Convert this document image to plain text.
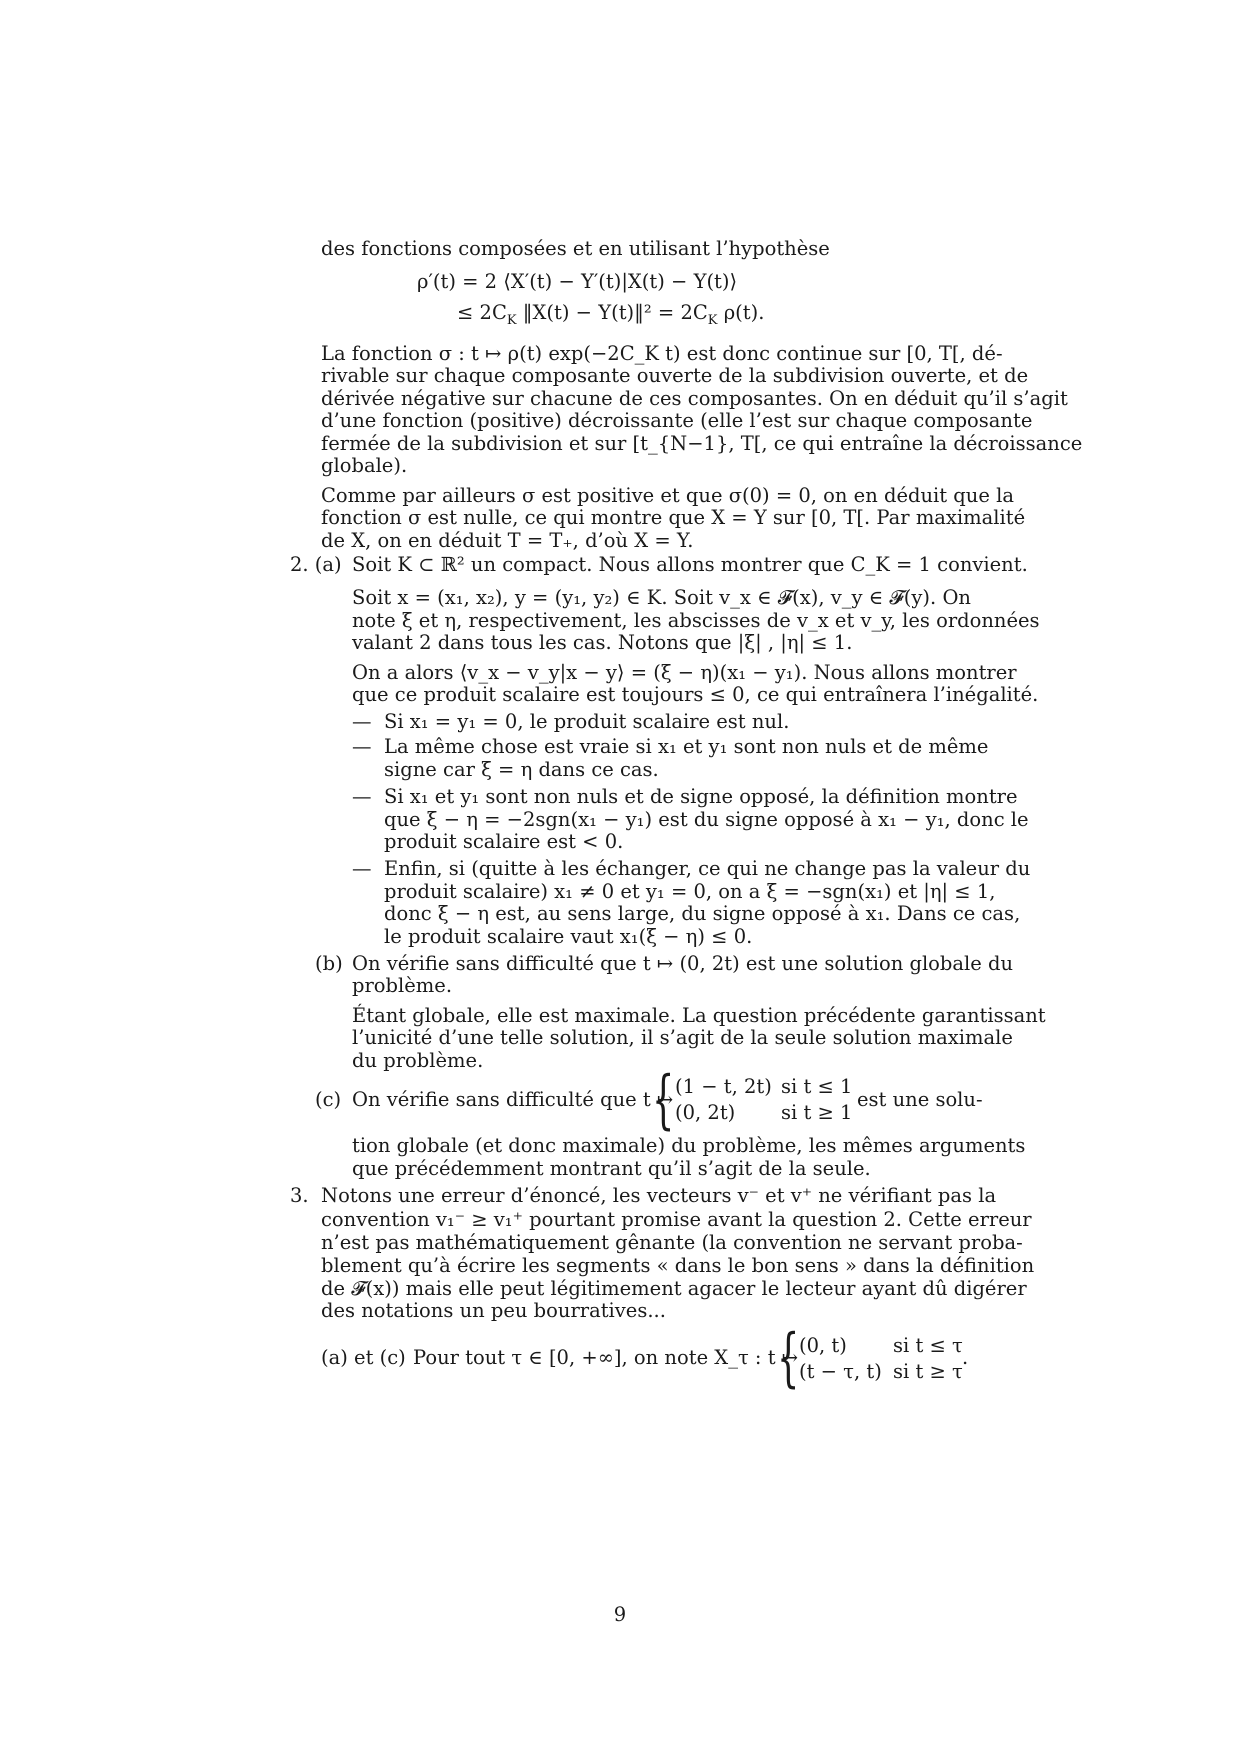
des fonctions composées et en utilisant l’hypothèse
ρ′(t) = 2 ⟨X′(t) − Y′(t)|X(t) − Y(t)⟩
≤ $2C_K$ ‖X(t) − Y(t)‖² = $2C_K$ ρ(t).
La fonction σ : t ↦ ρ(t) exp(−2C_K t) est donc continue sur [0, T[, dé-
rivable sur chaque composante ouverte de la subdivision ouverte, et de
dérivée négative sur chacune de ces composantes. On en déduit qu’il s’agit
d’une fonction (positive) décroissante (elle l’est sur chaque composante
fermée de la subdivision et sur [t_{N−1}, T[, ce qui entraîne la décroissance
globale).
Comme par ailleurs σ est positive et que σ(0) = 0, on en déduit que la
fonction σ est nulle, ce qui montre que X = Y sur [0, T[. Par maximalité
de X, on en déduit T = T₊, d’où X = Y.
2. (a) Soit K ⊂ ℝ² un compact. Nous allons montrer que C_K = 1 convient.
Soit x = (x₁, x₂), y = (y₁, y₂) ∈ K. Soit v_x ∈ 𝓕(x), v_y ∈ 𝓕(y). On
note ξ et η, respectivement, les abscisses de v_x et v_y, les ordonnées
valant 2 dans tous les cas. Notons que |ξ| , |η| ≤ 1.
On a alors ⟨v_x − v_y|x − y⟩ = (ξ − η)(x₁ − y₁). Nous allons montrer
que ce produit scalaire est toujours ≤ 0, ce qui entraînera l’inégalité.
— Si x₁ = y₁ = 0, le produit scalaire est nul.
— La même chose est vraie si x₁ et y₁ sont non nuls et de même
signe car ξ = η dans ce cas.
— Si x₁ et y₁ sont non nuls et de signe opposé, la définition montre
que ξ − η = −2sgn(x₁ − y₁) est du signe opposé à x₁ − y₁, donc le
produit scalaire est < 0.
— Enfin, si (quitte à les échanger, ce qui ne change pas la valeur du
produit scalaire) x₁ ≠ 0 et y₁ = 0, on a ξ = −sgn(x₁) et |η| ≤ 1,
donc ξ − η est, au sens large, du signe opposé à x₁. Dans ce cas,
le produit scalaire vaut x₁(ξ − η) ≤ 0.
(b) On vérifie sans difficulté que t ↦ (0, 2t) est une solution globale du
problème.
Étant globale, elle est maximale. La question précédente garantissant
l’unicité d’une telle solution, il s’agit de la seule solution maximale
du problème.
(c) On vérifie sans difficulté que t ↦
{ (1 − t, 2t) si t ≤ 1
(0, 2t) si t ≥ 1
est une solu-
tion globale (et donc maximale) du problème, les mêmes arguments
que précédemment montrant qu’il s’agit de la seule.
3. Notons une erreur d’énoncé, les vecteurs v⁻ et v⁺ ne vérifiant pas la
convention v₁⁻ ≥ v₁⁺ pourtant promise avant la question 2. Cette erreur
n’est pas mathématiquement gênante (la convention ne servant proba-
blement qu’à écrire les segments « dans le bon sens » dans la définition
de 𝓕(x)) mais elle peut légitimement agacer le lecteur ayant dû digérer
des notations un peu bourratives...
(a) et (c) Pour tout τ ∈ [0, +∞], on note X_τ : t ↦
{ (0, t) si t ≤ τ
(t − τ, t) si t ≥ τ
.
9
